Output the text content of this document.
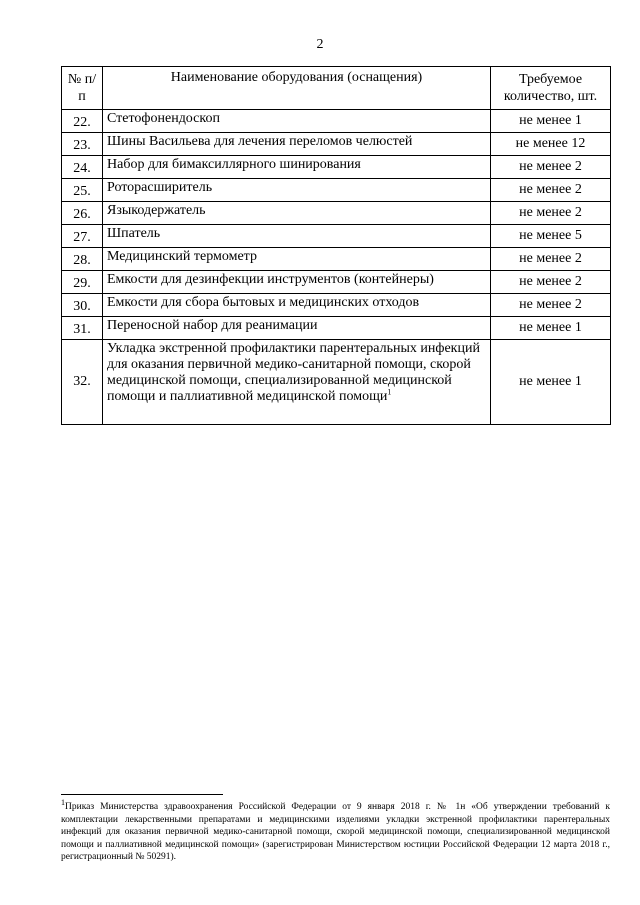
2
№ п/п	Наименование оборудования (оснащения)	Требуемое количество, шт.
22.	Стетофонендоскоп	не менее 1
23.	Шины Васильева для лечения переломов челюстей	не менее 12
24.	Набор для бимаксиллярного шинирования	не менее 2
25.	Роторасширитель	не менее 2
26.	Языкодержатель	не менее 2
27.	Шпатель	не менее 5
28.	Медицинский термометр	не менее 2
29.	Емкости для дезинфекции инструментов (контейнеры)	не менее 2
30.	Емкости для сбора бытовых и медицинских отходов	не менее 2
31.	Переносной набор для реанимации	не менее 1
32.	Укладка экстренной профилактики парентеральных инфекций для оказания первичной медико-санитарной помощи, скорой медицинской помощи, специализированной медицинской помощи и паллиативной медицинской помощи$^1$	не менее 1
$^1$Приказ Министерства здравоохранения Российской Федерации от 9 января 2018 г. № 1н «Об утверждении требований к комплектации лекарственными препаратами и медицинскими изделиями укладки экстренной профилактики парентеральных инфекций для оказания первичной медико-санитарной помощи, скорой медицинской помощи, специализированной медицинской помощи и паллиативной медицинской помощи» (зарегистрирован Министерством юстиции Российской Федерации 12 марта 2018 г., регистрационный № 50291).
